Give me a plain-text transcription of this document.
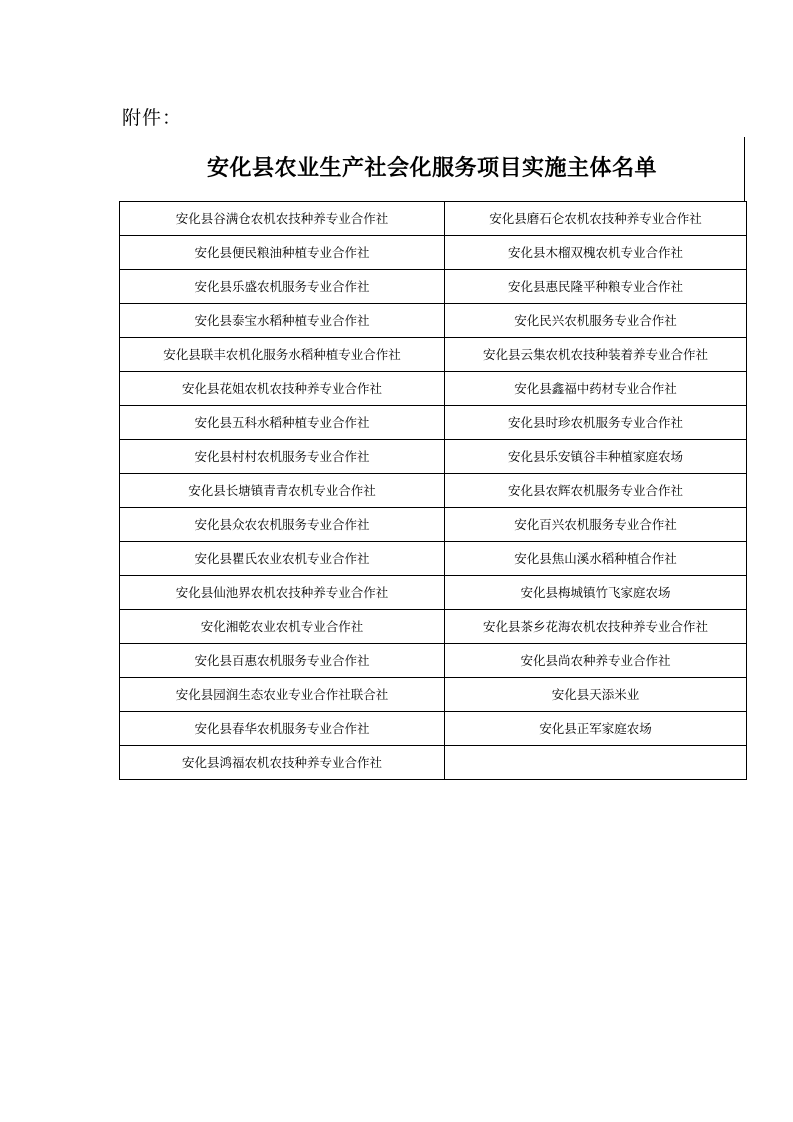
附件：
安化县农业生产社会化服务项目实施主体名单
安化县谷满仓农机农技种养专业合作社	安化县磨石仑农机农技种养专业合作社
安化县便民粮油种植专业合作社	安化县木榴双槐农机专业合作社
安化县乐盛农机服务专业合作社	安化县惠民隆平种粮专业合作社
安化县泰宝水稻种植专业合作社	安化民兴农机服务专业合作社
安化县联丰农机化服务水稻种植专业合作社	安化县云集农机农技种装着养专业合作社
安化县花姐农机农技种养专业合作社	安化县鑫福中药材专业合作社
安化县五科水稻种植专业合作社	安化县时珍农机服务专业合作社
安化县村村农机服务专业合作社	安化县乐安镇谷丰种植家庭农场
安化县长塘镇青青农机专业合作社	安化县农辉农机服务专业合作社
安化县众农农机服务专业合作社	安化百兴农机服务专业合作社
安化县瞿氏农业农机专业合作社	安化县焦山溪水稻种植合作社
安化县仙池界农机农技种养专业合作社	安化县梅城镇竹飞家庭农场
安化湘乾农业农机专业合作社	安化县茶乡花海农机农技种养专业合作社
安化县百惠农机服务专业合作社	安化县尚农种养专业合作社
安化县园润生态农业专业合作社联合社	安化县天添米业
安化县春华农机服务专业合作社	安化县正军家庭农场
安化县鸿福农机农技种养专业合作社	
